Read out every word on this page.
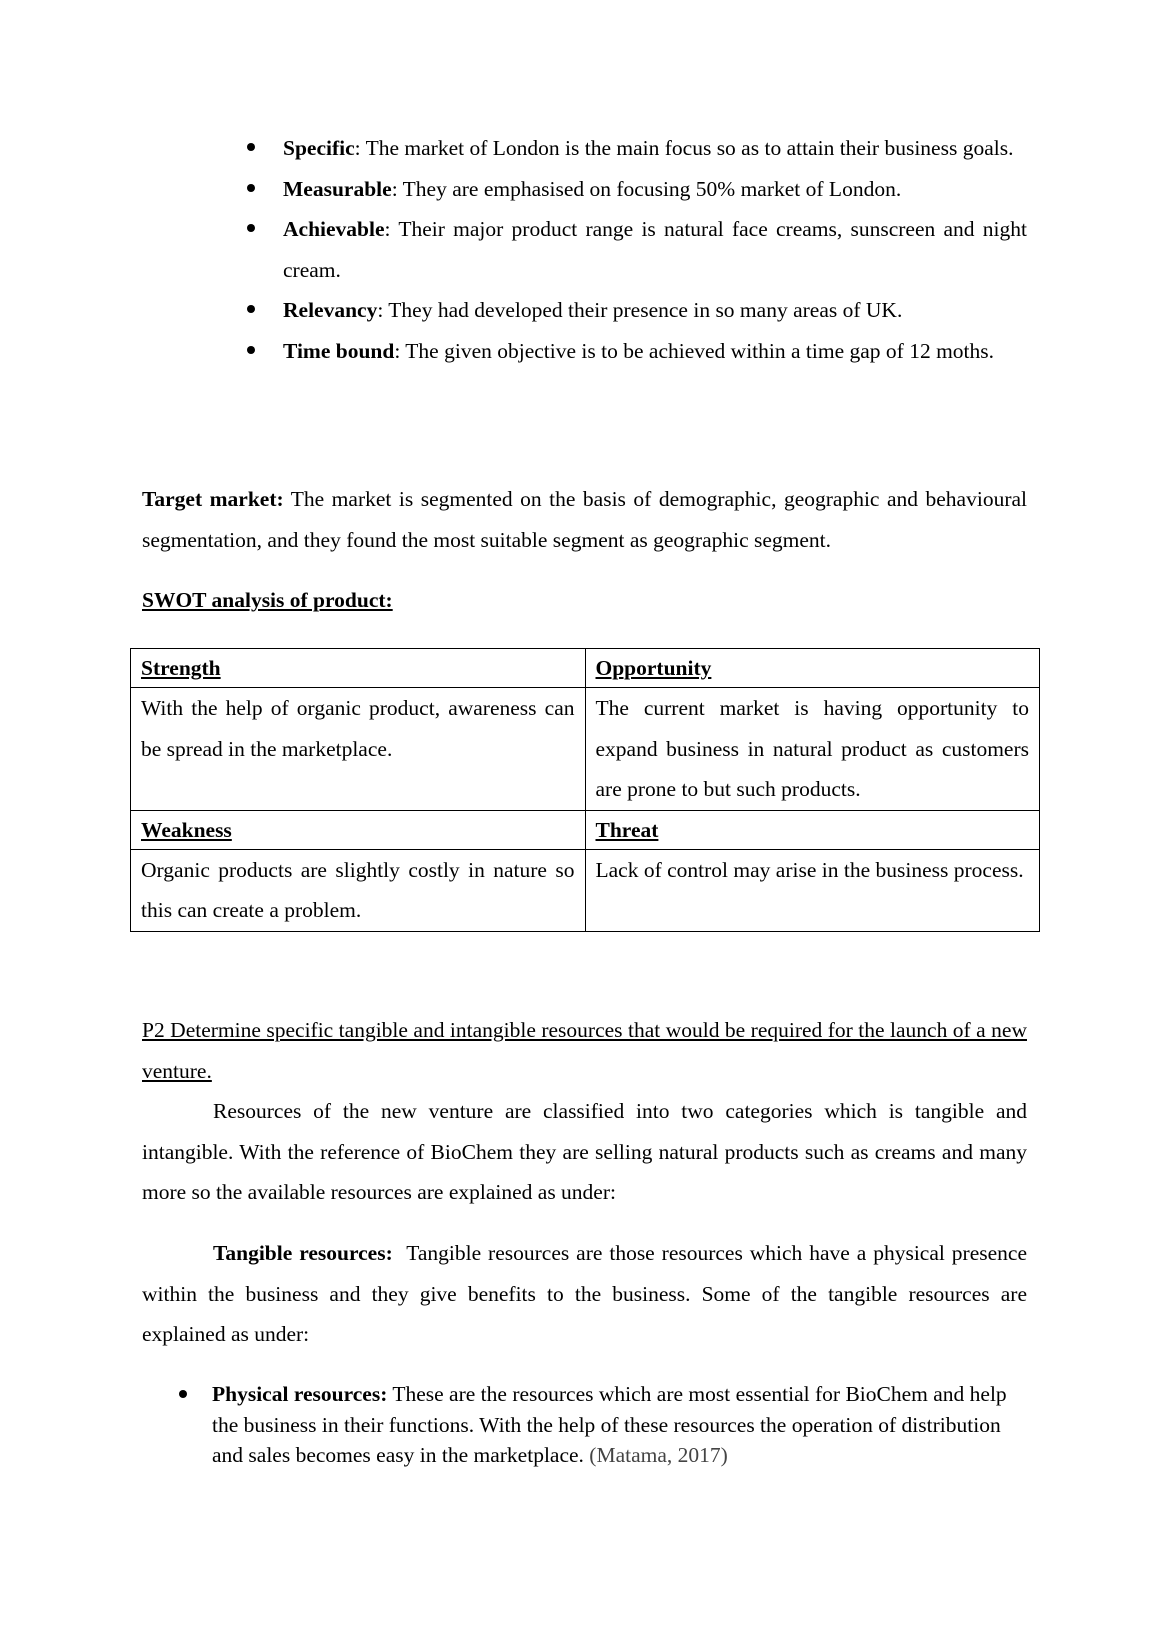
Specific: The market of London is the main focus so as to attain their business goals.
Measurable: They are emphasised on focusing 50% market of London.
Achievable: Their major product range is natural face creams, sunscreen and night cream.
Relevancy: They had developed their presence in so many areas of UK.
Time bound: The given objective is to be achieved within a time gap of 12 moths.

Target market: The market is segmented on the basis of demographic, geographic and behavioural segmentation, and they found the most suitable segment as geographic segment.

SWOT analysis of product:

Strength	Opportunity
With the help of organic product, awareness can be spread in the marketplace.	The current market is having opportunity to expand business in natural product as customers are prone to but such products.
Weakness	Threat
Organic products are slightly costly in nature so this can create a problem.	Lack of control may arise in the business process.

P2 Determine specific tangible and intangible resources that would be required for the launch of a new venture.

Resources of the new venture are classified into two categories which is tangible and intangible. With the reference of BioChem they are selling natural products such as creams and many more so the available resources are explained as under:

Tangible resources:  Tangible resources are those resources which have a physical presence within the business and they give benefits to the business. Some of the tangible resources are explained as under:

Physical resources: These are the resources which are most essential for BioChem and help the business in their functions. With the help of these resources the operation of distribution and sales becomes easy in the marketplace. (Matama, 2017)
